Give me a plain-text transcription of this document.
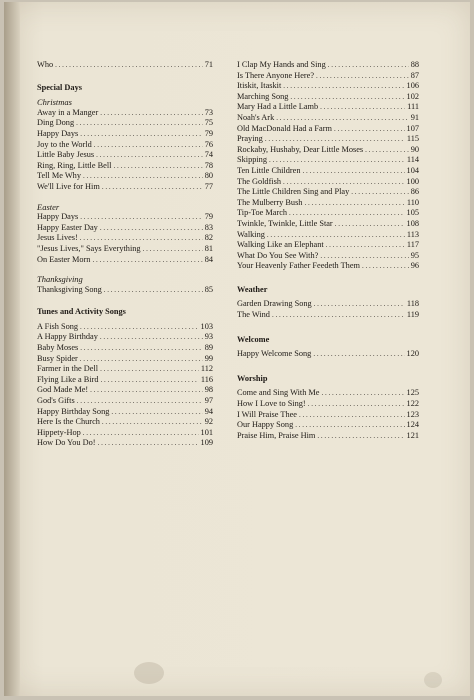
Who . . .	71
Special Days
Christmas
Away in a Manger . . .	73
Ding Dong . . .	75
Happy Days . . .	79
Joy to the World . . .	76
Little Baby Jesus . . .	74
Ring, Ring, Little Bell . . .	78
Tell Me Why . . .	80
We'll Live for Him . . .	77
Easter
Happy Days . . .	79
Happy Easter Day . . .	83
Jesus Lives! . . .	82
"Jesus Lives," Says Everything . . .	81
On Easter Morn . . .	84
Thanksgiving
Thanksgiving Song . . .	85
Tunes and Activity Songs
A Fish Song . . .	103
A Happy Birthday . . .	93
Baby Moses . . .	89
Busy Spider . . .	99
Farmer in the Dell . . .	112
Flying Like a Bird . . .	116
God Made Me! . . .	98
God's Gifts . . .	97
Happy Birthday Song . . .	94
Here Is the Church . . .	92
Hippety-Hop . . .	101
How Do You Do! . . .	109
I Clap My Hands and Sing . . .	88
Is There Anyone Here? . . .	87
Itiskit, Itaskit . . .	106
Marching Song . . .	102
Mary Had a Little Lamb . . .	111
Noah's Ark . . .	91
Old MacDonald Had a Farm . . .	107
Praying . . .	115
Rockaby, Hushaby, Dear Little Moses . . .	90
Skipping . . .	114
Ten Little Children . . .	104
The Goldfish . . .	100
The Little Children Sing and Play . . .	86
The Mulberry Bush . . .	110
Tip-Toe March . . .	105
Twinkle, Twinkle, Little Star . . .	108
Walking . . .	113
Walking Like an Elephant . . .	117
What Do You See With? . . .	95
Your Heavenly Father Feedeth Them . . .	96
Weather
Garden Drawing Song . . .	118
The Wind . . .	119
Welcome
Happy Welcome Song . . .	120
Worship
Come and Sing With Me . . .	125
How I Love to Sing! . . .	122
I Will Praise Thee . . .	123
Our Happy Song . . .	124
Praise Him, Praise Him . . .	121
